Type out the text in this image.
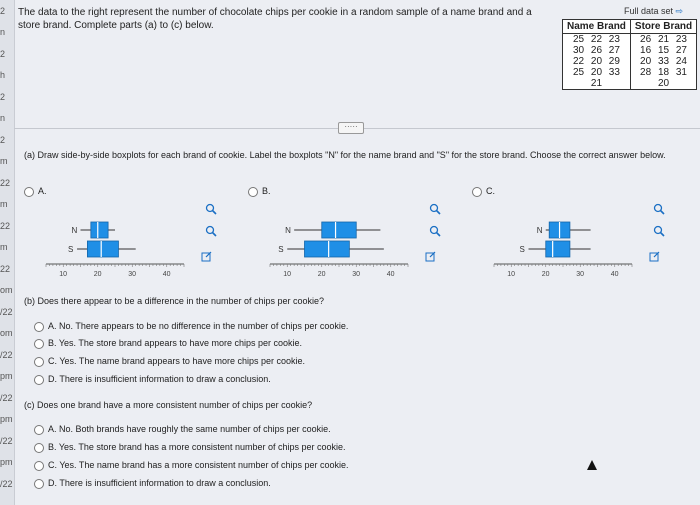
2
n
2
h
2
n
2
m
22
m
22
m
22
om
/22
om
/22
pm
/22
pm
/22
pm
/22
The data to the right represent the number of chocolate chips per cookie in a random sample of a name brand and a store brand. Complete parts (a) to (c) below.
Full data set ⇨
Name Brand	Store Brand
25 22 23	26 21 23
30 26 27	16 15 27
22 20 29	20 33 24
25 20 33	28 18 31
21	20
·····
(a) Draw side-by-side boxplots for each brand of cookie. Label the boxplots "N" for the name brand and "S" for the store brand. Choose the correct answer below.
A.	B.	C.
N
S
10	20	30	40
N
S
10	20	30	40
N
S
10	20	30	40
(b) Does there appear to be a difference in the number of chips per cookie?
A. No. There appears to be no difference in the number of chips per cookie.
B. Yes. The store brand appears to have more chips per cookie.
C. Yes. The name brand appears to have more chips per cookie.
D. There is insufficient information to draw a conclusion.
(c) Does one brand have a more consistent number of chips per cookie?
A. No. Both brands have roughly the same number of chips per cookie.
B. Yes. The store brand has a more consistent number of chips per cookie.
C. Yes. The name brand has a more consistent number of chips per cookie.
D. There is insufficient information to draw a conclusion.
